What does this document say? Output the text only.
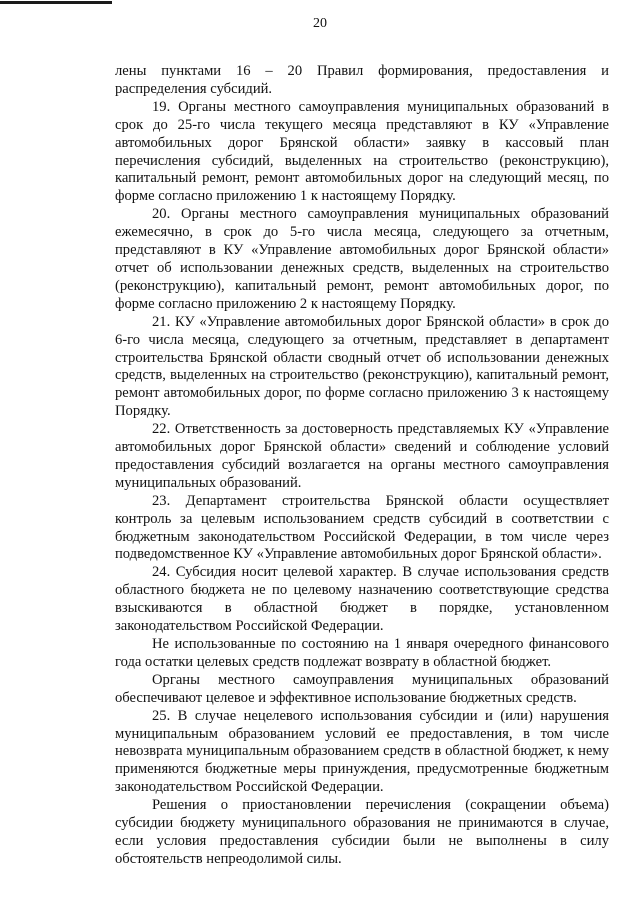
20

лены пунктами 16 – 20 Правил формирования, предоставления и распределения субсидий.

19. Органы местного самоуправления муниципальных образований в срок до 25-го числа текущего месяца представляют в КУ «Управление автомобильных дорог Брянской области» заявку в кассовый план перечисления субсидий, выделенных на строительство (реконструкцию), капитальный ремонт, ремонт автомобильных дорог на следующий месяц, по форме согласно приложению 1 к настоящему Порядку.

20. Органы местного самоуправления муниципальных образований ежемесячно, в срок до 5-го числа месяца, следующего за отчетным, представляют в КУ «Управление автомобильных дорог Брянской области» отчет об использовании денежных средств, выделенных на строительство (реконструкцию), капитальный ремонт, ремонт автомобильных дорог, по форме согласно приложению 2 к настоящему Порядку.

21. КУ «Управление автомобильных дорог Брянской области» в срок до 6-го числа месяца, следующего за отчетным, представляет в департамент строительства Брянской области сводный отчет об использовании денежных средств, выделенных на строительство (реконструкцию), капитальный ремонт, ремонт автомобильных дорог, по форме согласно приложению 3 к настоящему Порядку.

22. Ответственность за достоверность представляемых КУ «Управление автомобильных дорог Брянской области» сведений и соблюдение условий предоставления субсидий возлагается на органы местного самоуправления муниципальных образований.

23. Департамент строительства Брянской области осуществляет контроль за целевым использованием средств субсидий в соответствии с бюджетным законодательством Российской Федерации, в том числе через подведомственное КУ «Управление автомобильных дорог Брянской области».

24. Субсидия носит целевой характер. В случае использования средств областного бюджета не по целевому назначению соответствующие средства взыскиваются в областной бюджет в порядке, установленном законодательством Российской Федерации.

Не использованные по состоянию на 1 января очередного финансового года остатки целевых средств подлежат возврату в областной бюджет.

Органы местного самоуправления муниципальных образований обеспечивают целевое и эффективное использование бюджетных средств.

25. В случае нецелевого использования субсидии и (или) нарушения муниципальным образованием условий ее предоставления, в том числе невозврата муниципальным образованием средств в областной бюджет, к нему применяются бюджетные меры принуждения, предусмотренные бюджетным законодательством Российской Федерации.

Решения о приостановлении перечисления (сокращении объема) субсидии бюджету муниципального образования не принимаются в случае, если условия предоставления субсидии были не выполнены в силу обстоятельств непреодолимой силы.
